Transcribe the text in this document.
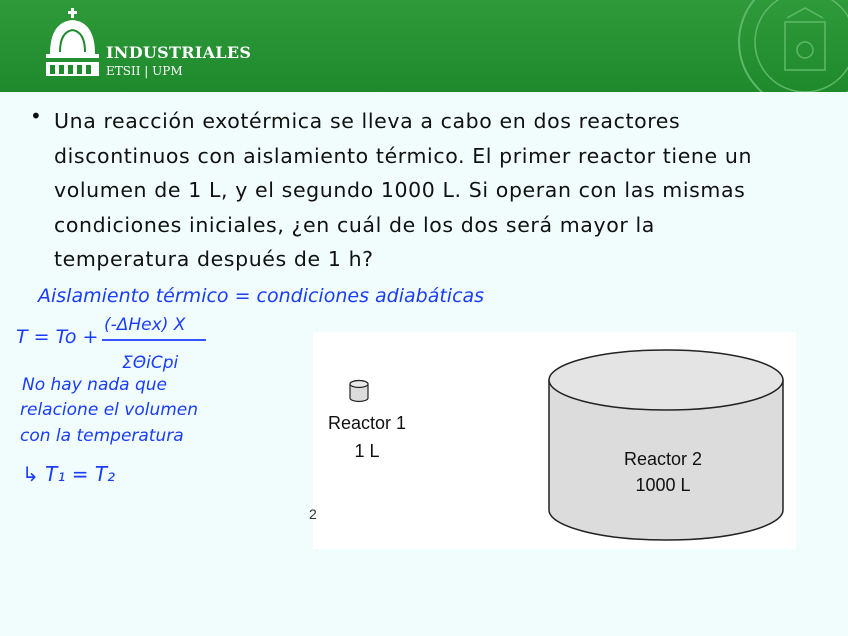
INDUSTRIALES
ETSII | UPM
• Una reacción exotérmica se lleva a cabo en dos reactores
discontinuos con aislamiento térmico. El primer reactor tiene un
volumen de 1 L, y el segundo 1000 L. Si operan con las mismas
condiciones iniciales, ¿en cuál de los dos será mayor la
temperatura después de 1 h?
Reactor 1
1 L	Reactor 2
1000 L
2
Aislamiento térmico = condiciones adiabáticas
T = To +
(-ΔHex) X
ΣΘiCpi
No hay nada que
relacione el volumen
con la temperatura
↳ T₁ = T₂
